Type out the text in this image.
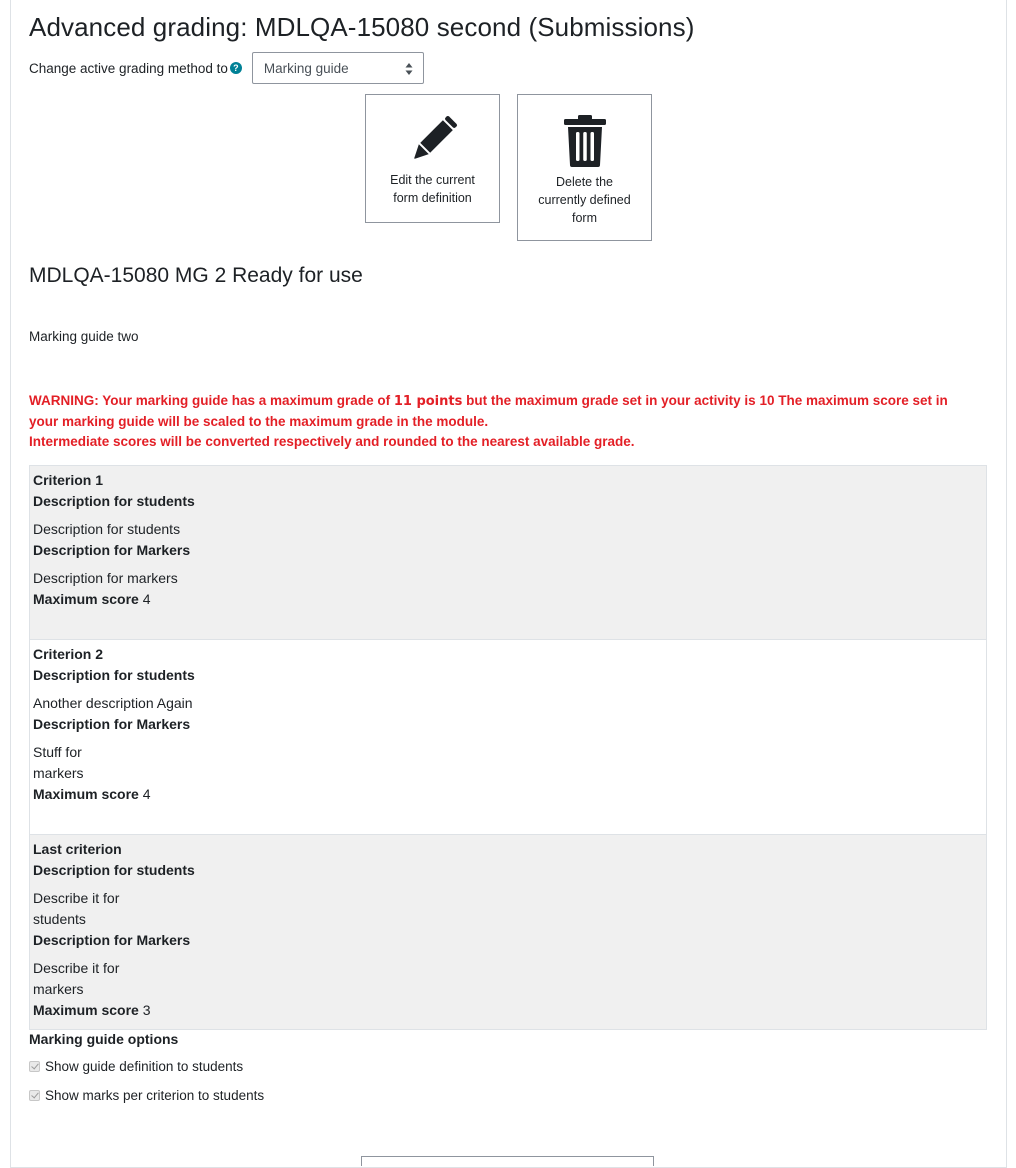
Advanced grading: MDLQA-15080 second (Submissions)
Change active grading method to ? Marking guide
Edit the current form definition
Delete the currently defined form
MDLQA-15080 MG 2 Ready for use
Marking guide two
WARNING: Your marking guide has a maximum grade of 11 points but the maximum grade set in your activity is 10 The maximum score set in your marking guide will be scaled to the maximum grade in the module.
Intermediate scores will be converted respectively and rounded to the nearest available grade.
Criterion 1
Description for students
Description for students
Description for Markers
Description for markers
Maximum score 4
Criterion 2
Description for students
Another description Again
Description for Markers
Stuff for markers
Maximum score 4
Last criterion
Description for students
Describe it for students
Description for Markers
Describe it for markers
Maximum score 3
Marking guide options
Show guide definition to students
Show marks per criterion to students
